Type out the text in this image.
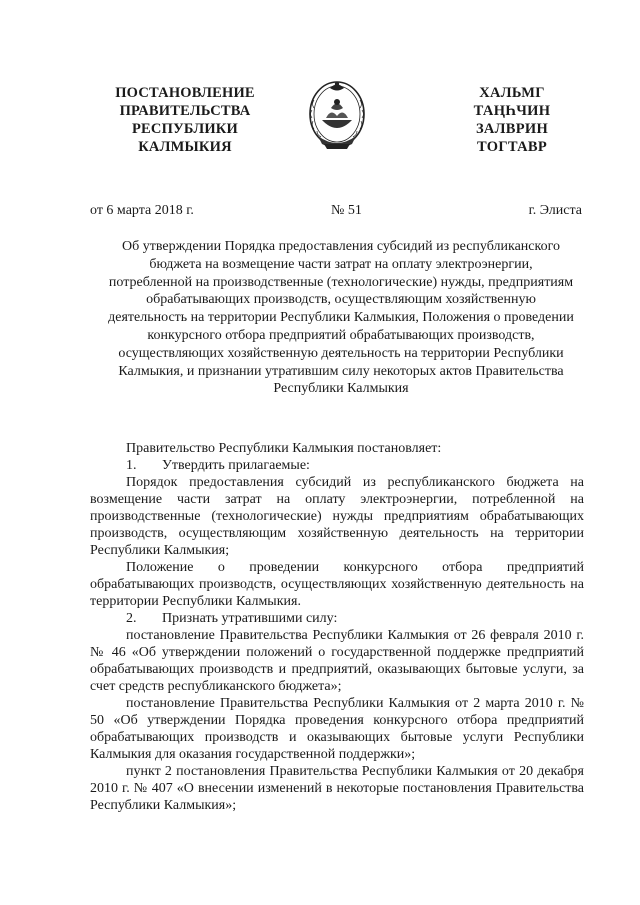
ПОСТАНОВЛЕНИЕ
ПРАВИТЕЛЬСТВА
РЕСПУБЛИКИ
КАЛМЫКИЯ
ХАЛЬМГ
ТАҢҺЧИН
ЗАЛВРИН
ТОГТАВР
от 6 марта 2018 г.	№ 51	г. Элиста
Об утверждении Порядка предоставления субсидий из республиканского
бюджета на возмещение части затрат на оплату электроэнергии,
потребленной на производственные (технологические) нужды, предприятиям
обрабатывающих производств, осуществляющим хозяйственную
деятельность на территории Республики Калмыкия, Положения о проведении
конкурсного отбора предприятий обрабатывающих производств,
осуществляющих хозяйственную деятельность на территории Республики
Калмыкия, и признании утратившим силу некоторых актов Правительства
Республики Калмыкия

Правительство Республики Калмыкия постановляет:

1. Утвердить прилагаемые:

Порядок предоставления субсидий из республиканского бюджета на возмещение части затрат на оплату электроэнергии, потребленной на производственные (технологические) нужды предприятиям обрабатывающих производств, осуществляющим хозяйственную деятельность на территории Республики Калмыкия;

Положение о проведении конкурсного отбора предприятий обрабатывающих производств, осуществляющих хозяйственную деятельность на территории Республики Калмыкия.

2. Признать утратившими силу:

постановление Правительства Республики Калмыкия от 26 февраля 2010 г. № 46 «Об утверждении положений о государственной поддержке предприятий обрабатывающих производств и предприятий, оказывающих бытовые услуги, за счет средств республиканского бюджета»;

постановление Правительства Республики Калмыкия от 2 марта 2010 г. № 50 «Об утверждении Порядка проведения конкурсного отбора предприятий обрабатывающих производств и оказывающих бытовые услуги Республики Калмыкия для оказания государственной поддержки»;

пункт 2 постановления Правительства Республики Калмыкия от 20 декабря 2010 г. № 407 «О внесении изменений в некоторые постановления Правительства Республики Калмыкия»;
